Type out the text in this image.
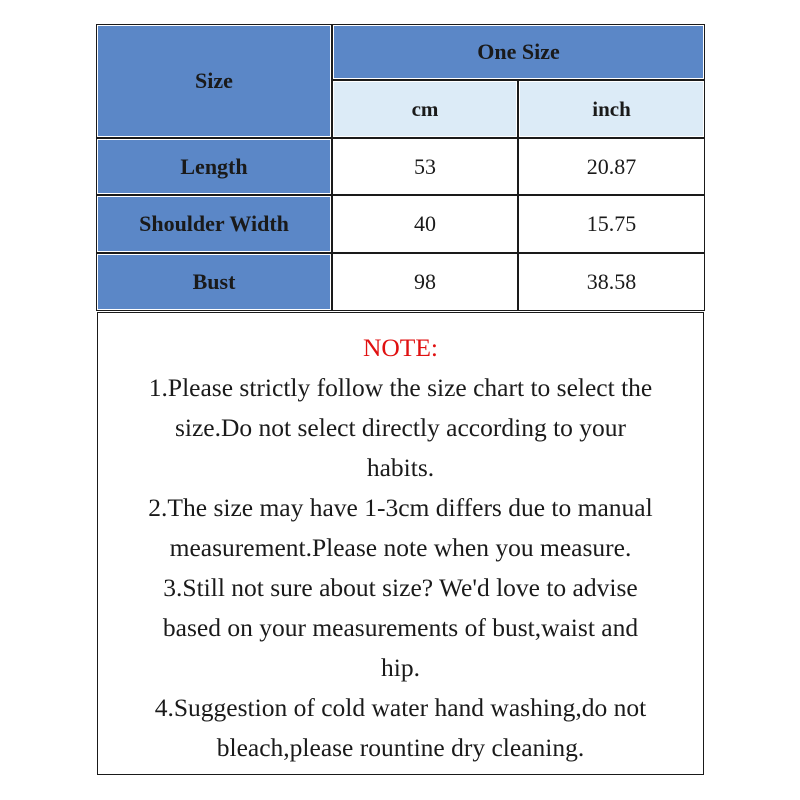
Size
One Size
cm	inch
Length	53	20.87
Shoulder Width	40	15.75
Bust	98	38.58
NOTE:
1.Please strictly follow the size chart to select the
size.Do not select directly according to your
habits.
2.The size may have 1-3cm differs due to manual
measurement.Please note when you measure.
3.Still not sure about size? We'd love to advise
based on your measurements of bust,waist and
hip.
4.Suggestion of cold water hand washing,do not
bleach,please rountine dry cleaning.
